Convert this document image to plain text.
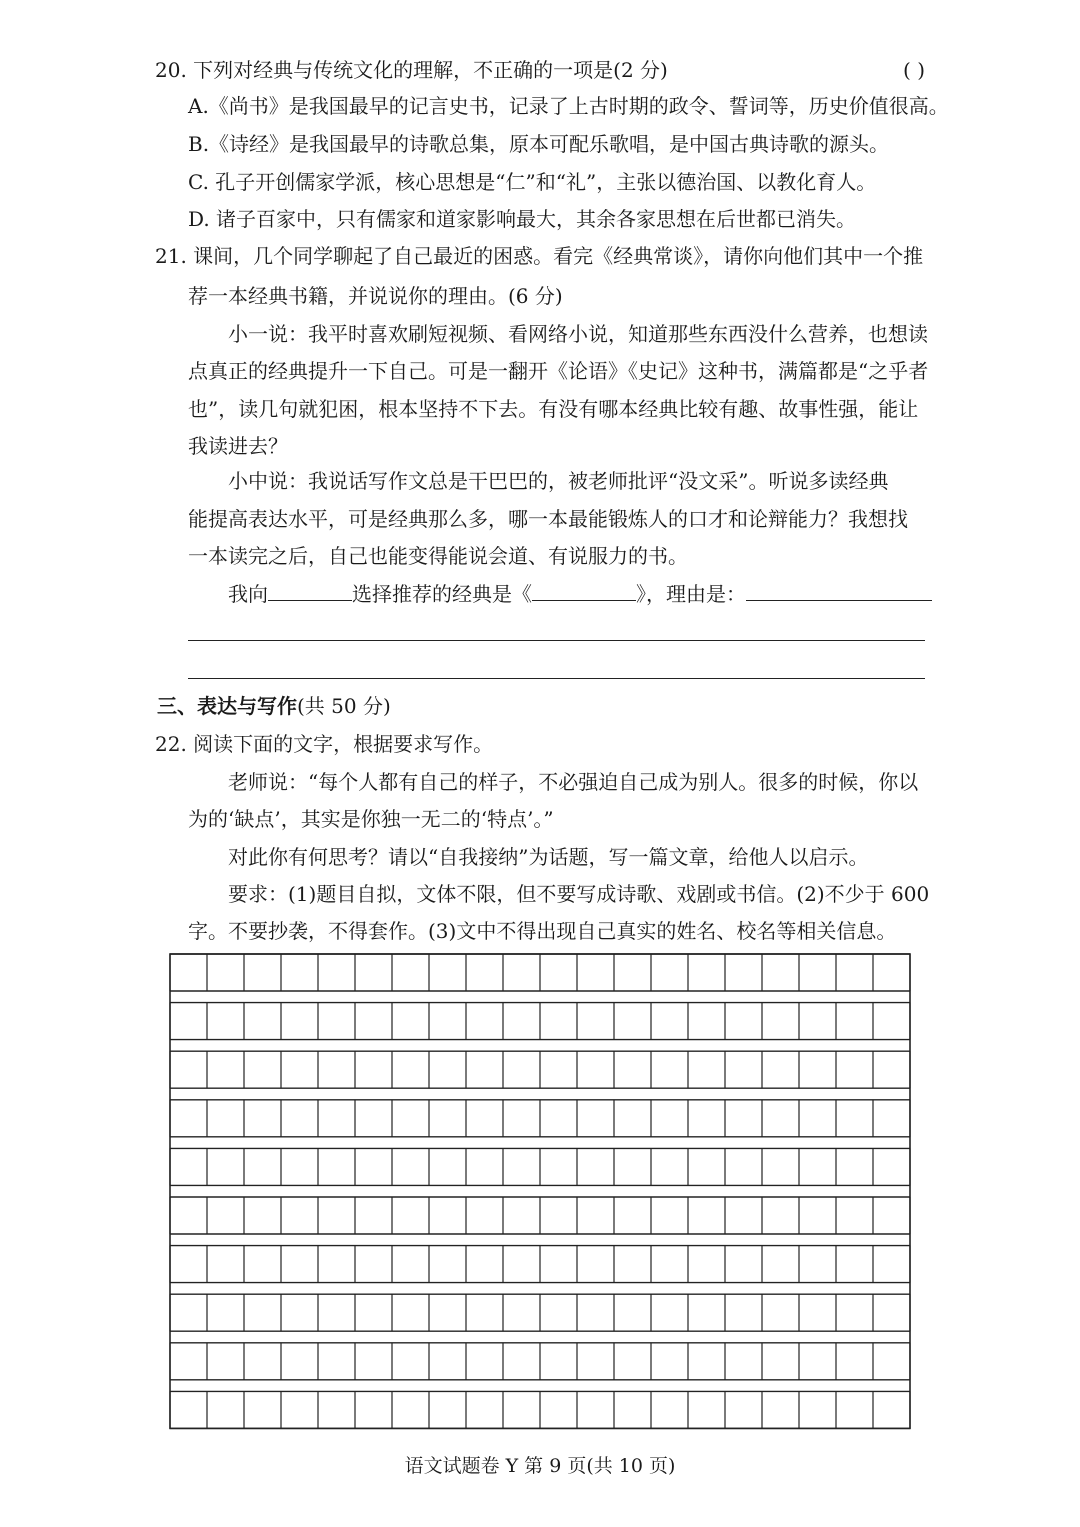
20. 下列对经典与传统文化的理解，不正确的一项是(2 分)	( )
A.《尚书》是我国最早的记言史书，记录了上古时期的政令、誓词等，历史价值很高。
B.《诗经》是我国最早的诗歌总集，原本可配乐歌唱，是中国古典诗歌的源头。
C. 孔子开创儒家学派，核心思想是“仁”和“礼”，主张以德治国、以教化育人。
D. 诸子百家中，只有儒家和道家影响最大，其余各家思想在后世都已消失。
21. 课间，几个同学聊起了自己最近的困惑。看完《经典常谈》，请你向他们其中一个推
荐一本经典书籍，并说说你的理由。(6 分)
小一说：我平时喜欢刷短视频、看网络小说，知道那些东西没什么营养，也想读
点真正的经典提升一下自己。可是一翻开《论语》《史记》这种书，满篇都是“之乎者
也”，读几句就犯困，根本坚持不下去。有没有哪本经典比较有趣、故事性强，能让
我读进去？
小中说：我说话写作文总是干巴巴的，被老师批评“没文采”。听说多读经典
能提高表达水平，可是经典那么多，哪一本最能锻炼人的口才和论辩能力？我想找
一本读完之后，自己也能变得能说会道、有说服力的书。
我向	选择推荐的经典是《	》，理由是：
三、表达与写作(共 50 分)
22. 阅读下面的文字，根据要求写作。
老师说：“每个人都有自己的样子，不必强迫自己成为别人。很多的时候，你以
为的‘缺点’，其实是你独一无二的‘特点’。”
对此你有何思考？请以“自我接纳”为话题，写一篇文章，给他人以启示。
要求：(1)题目自拟，文体不限，但不要写成诗歌、戏剧或书信。(2)不少于 600
字。不要抄袭，不得套作。(3)文中不得出现自己真实的姓名、校名等相关信息。
语文试题卷 Y 第 9 页(共 10 页)
